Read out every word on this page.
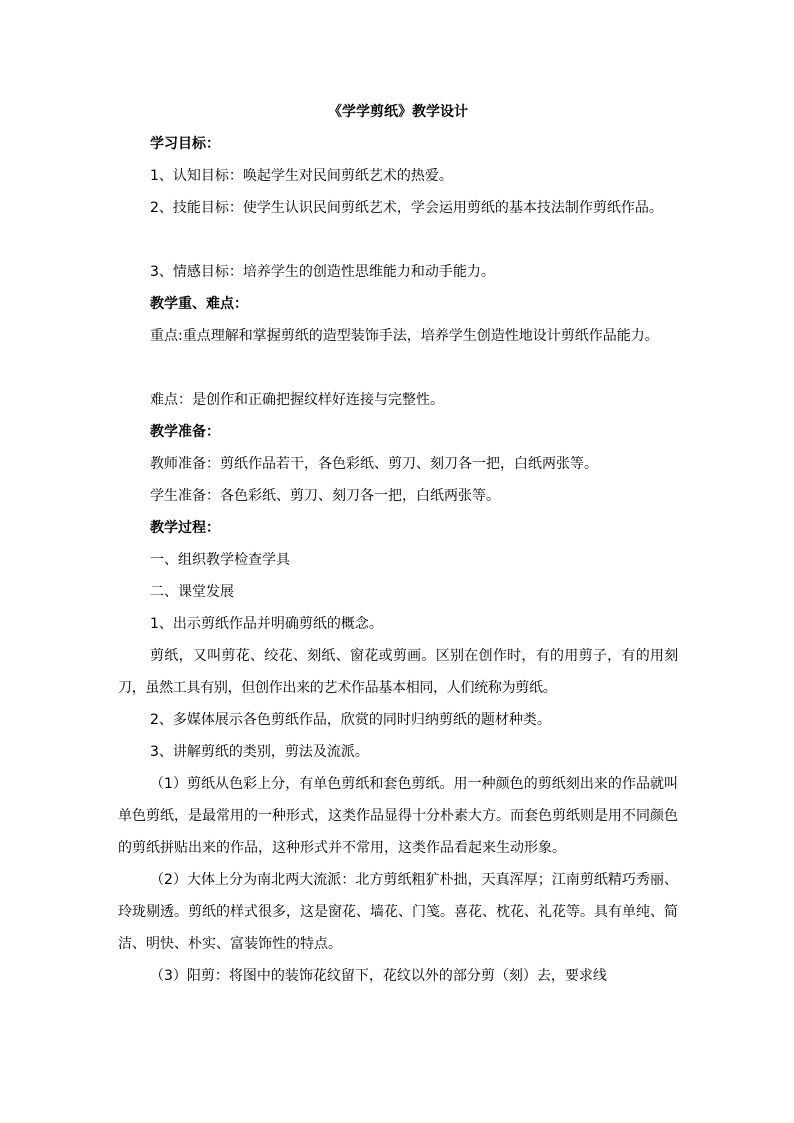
《学学剪纸》教学设计
学习目标：
1、认知目标：唤起学生对民间剪纸艺术的热爱。
2、技能目标：使学生认识民间剪纸艺术，学会运用剪纸的基本技法制作剪纸作品。
3、情感目标：培养学生的创造性思维能力和动手能力。
教学重、难点：
重点:重点理解和掌握剪纸的造型装饰手法，培养学生创造性地设计剪纸作品能力。
难点：是创作和正确把握纹样好连接与完整性。
教学准备：
教师准备：剪纸作品若干，各色彩纸、剪刀、刻刀各一把，白纸两张等。
学生准备：各色彩纸、剪刀、刻刀各一把，白纸两张等。
教学过程：
一、组织教学检查学具
二、课堂发展
1、出示剪纸作品并明确剪纸的概念。
剪纸，又叫剪花、绞花、刻纸、窗花或剪画。区别在创作时，有的用剪子，有的用刻刀，虽然工具有别，但创作出来的艺术作品基本相同，人们统称为剪纸。
2、多媒体展示各色剪纸作品，欣赏的同时归纳剪纸的题材种类。
3、讲解剪纸的类别，剪法及流派。
（1）剪纸从色彩上分，有单色剪纸和套色剪纸。用一种颜色的剪纸刻出来的作品就叫单色剪纸，是最常用的一种形式，这类作品显得十分朴素大方。而套色剪纸则是用不同颜色的剪纸拼贴出来的作品，这种形式并不常用，这类作品看起来生动形象。
（2）大体上分为南北两大流派：北方剪纸粗犷朴拙，天真浑厚；江南剪纸精巧秀丽、玲珑剔透。剪纸的样式很多，这是窗花、墙花、门笺。喜花、枕花、礼花等。具有单纯、简洁、明快、朴实、富装饰性的特点。
（3）阳剪：将图中的装饰花纹留下，花纹以外的部分剪（刻）去，要求线
